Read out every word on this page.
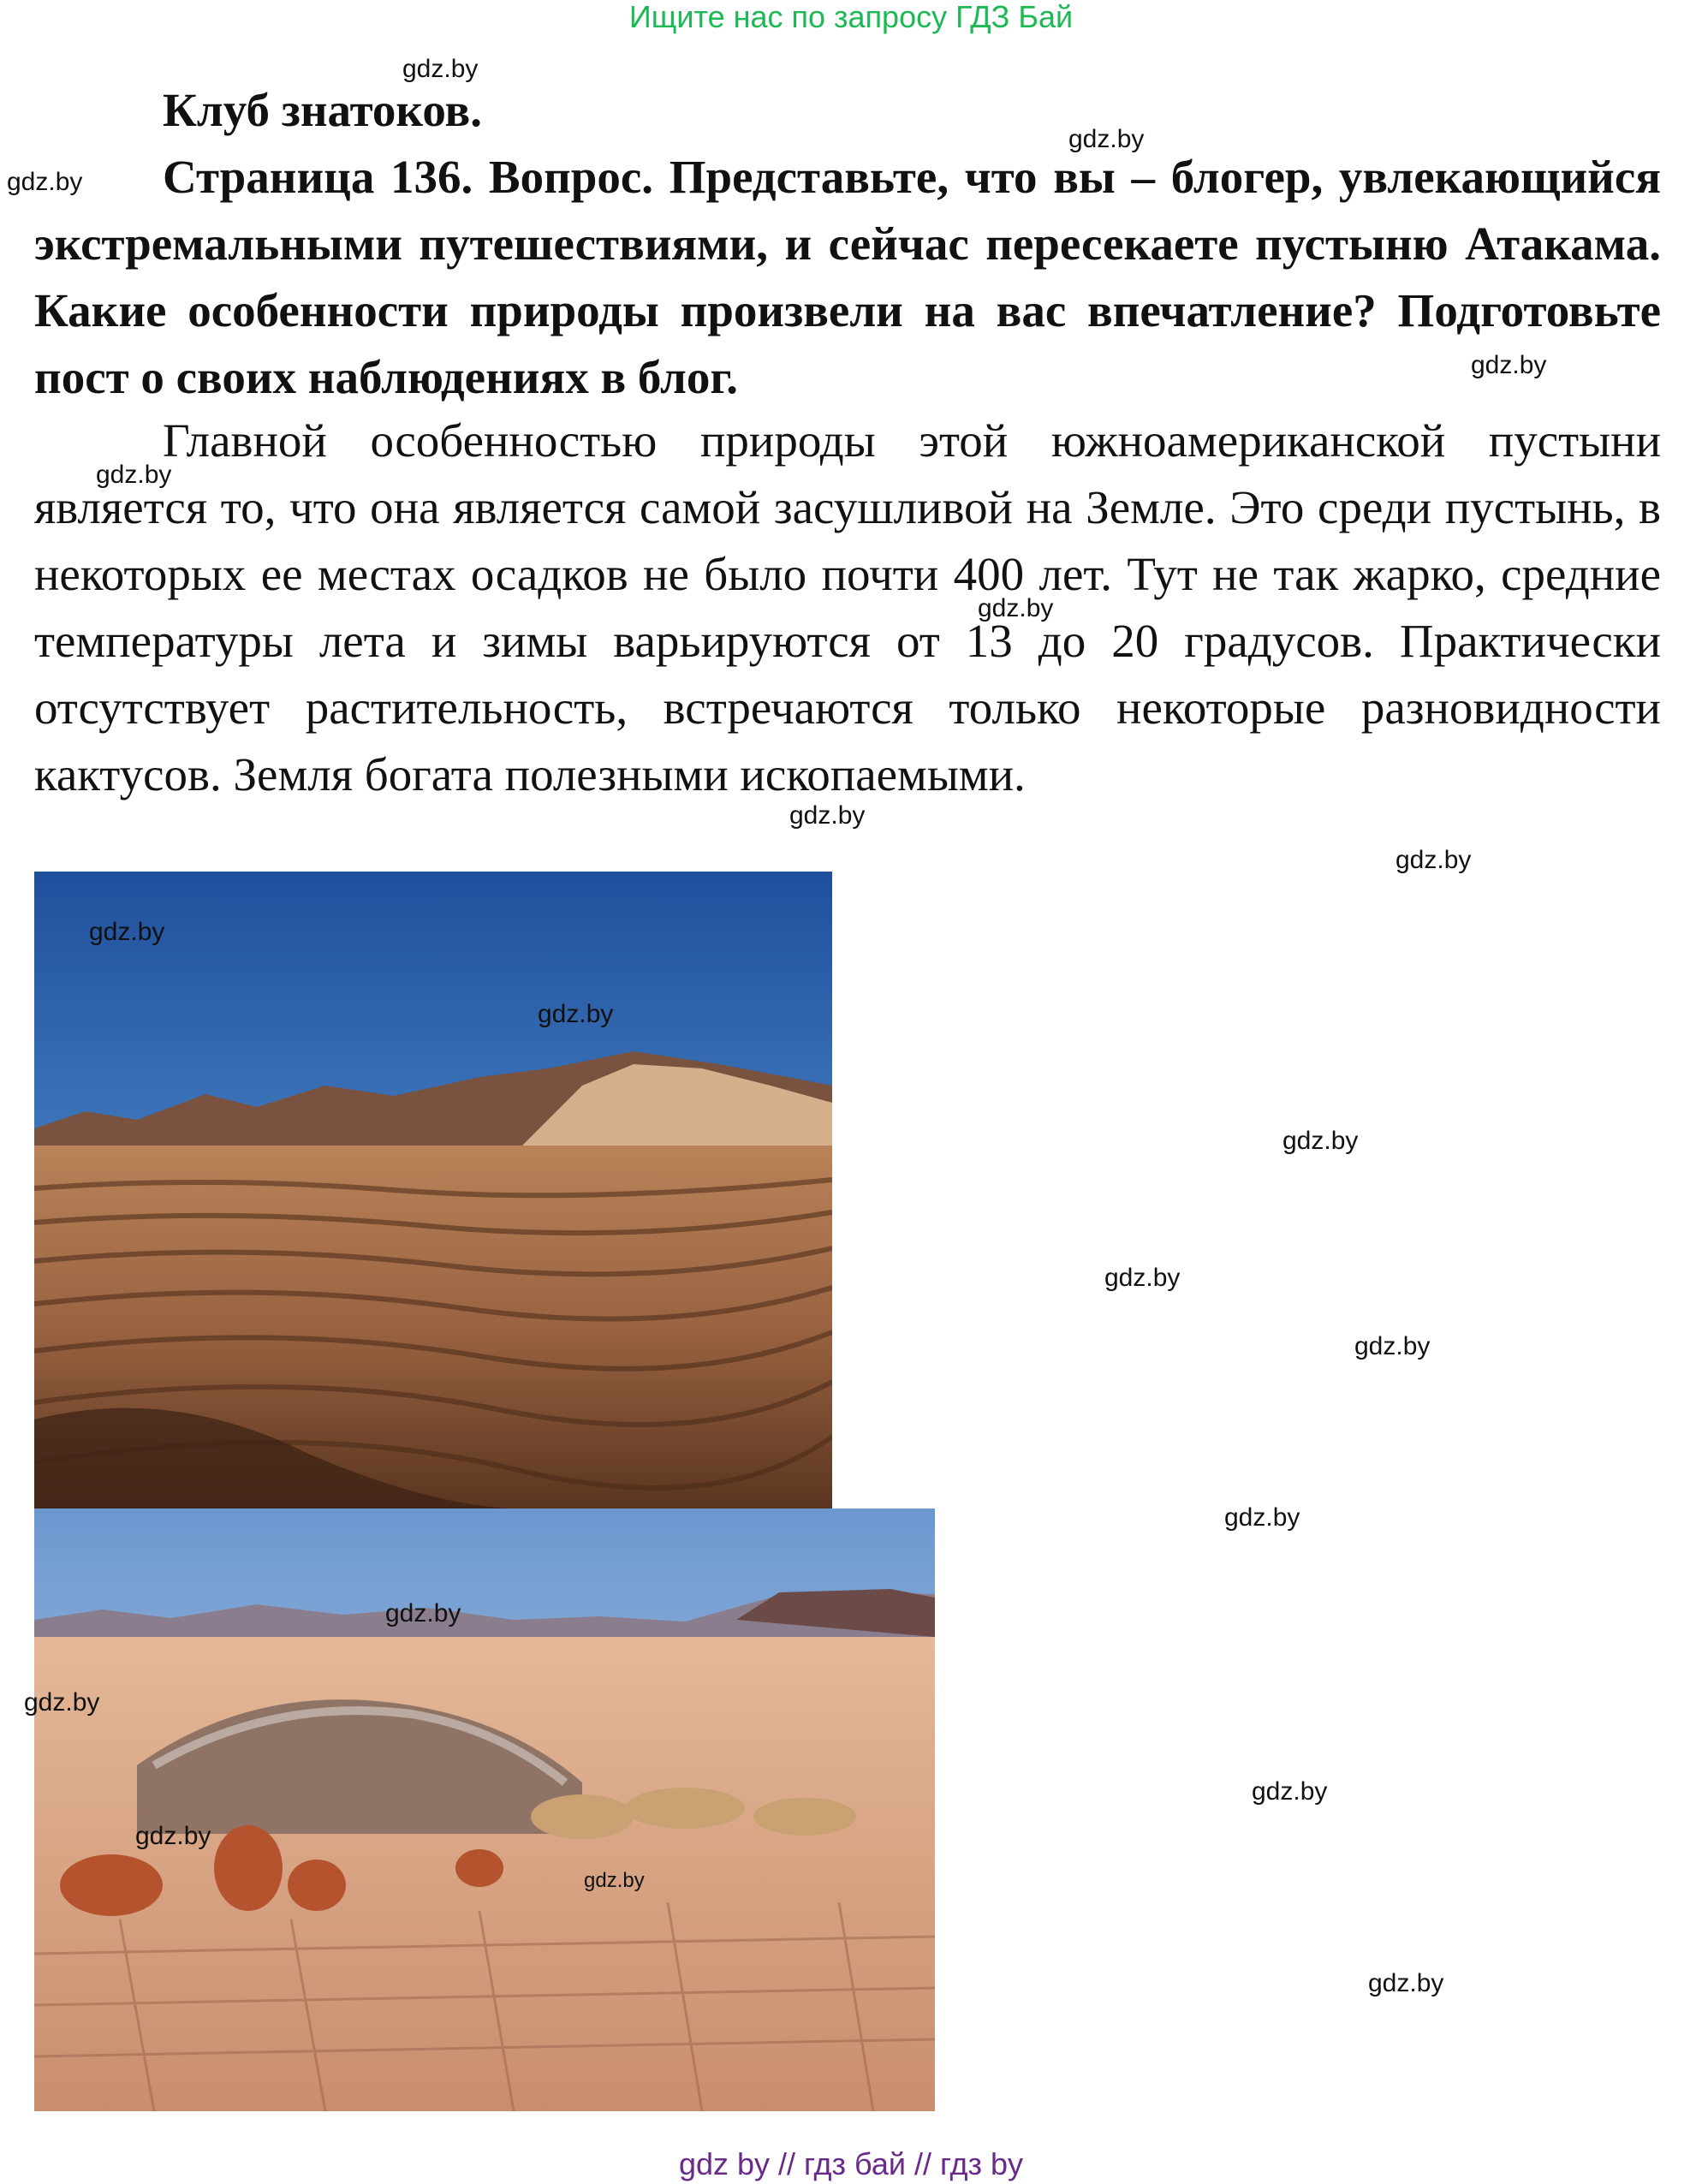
Ищите нас по запросу ГДЗ Бай
Клуб знатоков.
Страница 136. Вопрос. Представьте, что вы – блогер, увлекающийся экстремальными путешествиями, и сейчас пересекаете пустыню Атакама. Какие особенности природы произвели на вас впечатление? Подготовьте пост о своих наблюдениях в блог.
Главной особенностью природы этой южноамериканской пустыни является то, что она является самой засушливой на Земле. Это среди пустынь, в некоторых ее местах осадков не было почти 400 лет. Тут не так жарко, средние температуры лета и зимы варьируются от 13 до 20 градусов. Практически отсутствует растительность, встречаются только некоторые разновидности кактусов. Земля богата полезными ископаемыми.
gdz.by
gdz.by
gdz.by
gdz.by
gdz.by
gdz.by
gdz.by
gdz.by
gdz.by
gdz.by
gdz.by
gdz.by
gdz.by
gdz.by
gdz.by
gdz.by
gdz.by
gdz.by
gdz.by
gdz.by
gdz by // гдз бай // гдз by
